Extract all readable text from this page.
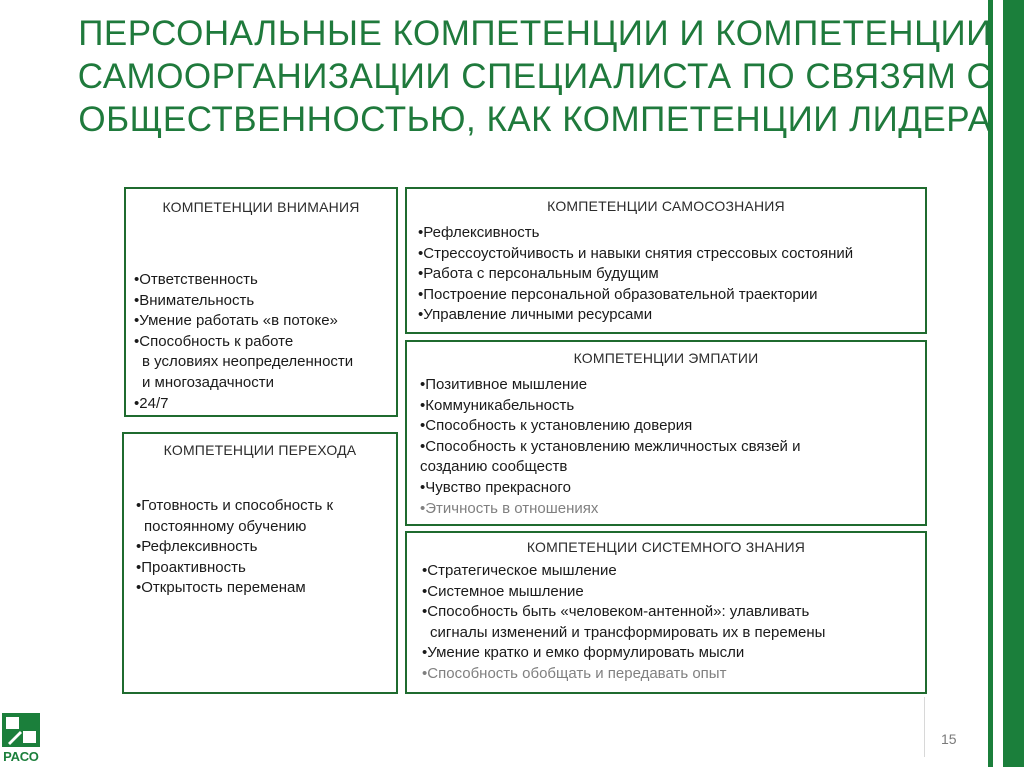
ПЕРСОНАЛЬНЫЕ КОМПЕТЕНЦИИ И КОМПЕТЕНЦИИ
САМООРГАНИЗАЦИИ СПЕЦИАЛИСТА ПО СВЯЗЯМ С
ОБЩЕСТВЕННОСТЬЮ, КАК КОМПЕТЕНЦИИ ЛИДЕРА
КОМПЕТЕНЦИИ ВНИМАНИЯ
• Ответственность
• Внимательность
• Умение работать «в потоке»
• Способность к работе
в условиях неопределенности
и многозадачности
• 24/7
КОМПЕТЕНЦИИ ПЕРЕХОДА
• Готовность и способность к
постоянному обучению
• Рефлексивность
• Проактивность
• Открытость переменам
КОМПЕТЕНЦИИ САМОСОЗНАНИЯ
• Рефлексивность
• Стрессоустойчивость и навыки снятия стрессовых состояний
• Работа с персональным будущим
• Построение персональной образовательной траектории
• Управление личными ресурсами
КОМПЕТЕНЦИИ ЭМПАТИИ
• Позитивное мышление
• Коммуникабельность
• Способность к установлению доверия
• Способность к установлению межличностых связей и
созданию сообществ
• Чувство прекрасного
• Этичность в отношениях
КОМПЕТЕНЦИИ СИСТЕМНОГО ЗНАНИЯ
• Стратегическое мышление
• Системное мышление
• Способность быть «человеком-антенной»: улавливать
сигналы изменений и трансформировать их в перемены
• Умение кратко и емко формулировать мысли
• Способность обобщать и передавать опыт
РАСО
15
